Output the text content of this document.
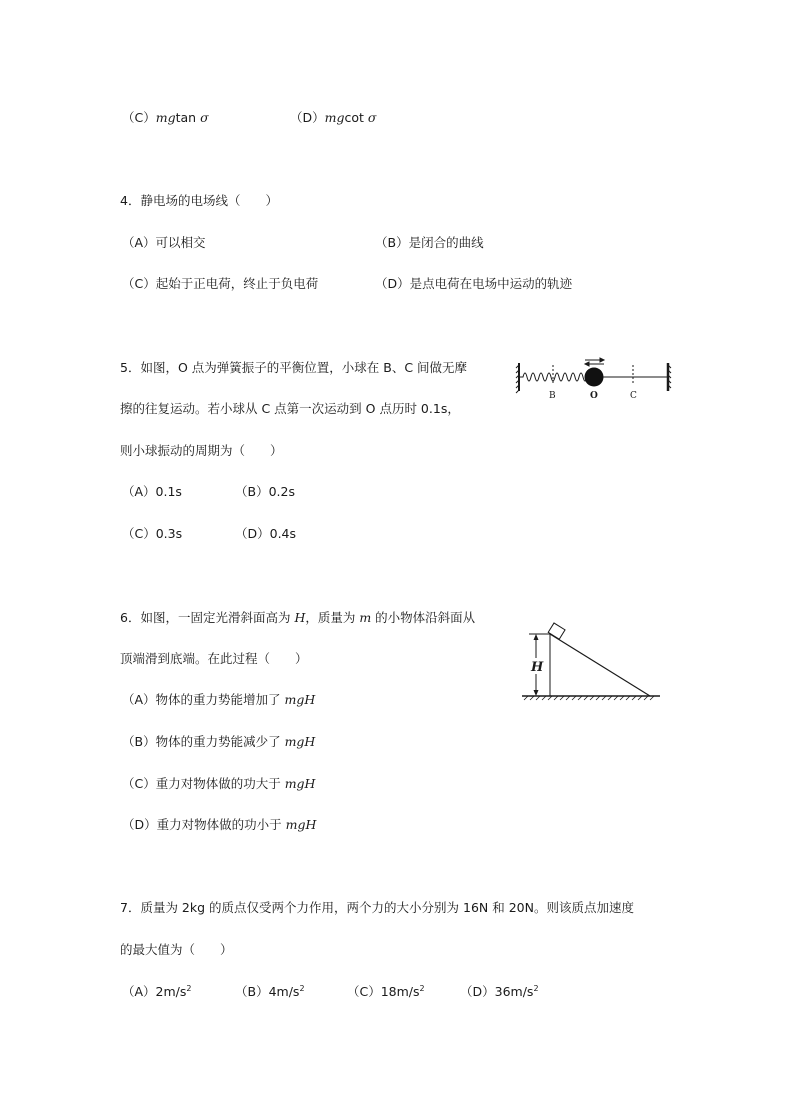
（C）mgtan σ	（D）mgcot σ
4．静电场的电场线（　　）
（A）可以相交	（B）是闭合的曲线
（C）起始于正电荷，终止于负电荷	（D）是点电荷在电场中运动的轨迹
5．如图，O 点为弹簧振子的平衡位置，小球在 B、C 间做无摩
擦的往复运动。若小球从 C 点第一次运动到 O 点历时 0.1s，
则小球振动的周期为（　　）
（A）0.1s	（B）0.2s
（C）0.3s	（D）0.4s
B	O	C
6．如图，一固定光滑斜面高为 H，质量为 m 的小物体沿斜面从
顶端滑到底端。在此过程（　　）
（A）物体的重力势能增加了 mgH
（B）物体的重力势能减少了 mgH
（C）重力对物体做的功大于 mgH
（D）重力对物体做的功小于 mgH
H
7．质量为 2kg 的质点仅受两个力作用，两个力的大小分别为 16N 和 20N。则该质点加速度
的最大值为（　　）
$(A)2m/s^2$	$(B)4m/s^2$	$(C)18m/s^2$	$(D)36m/s^2$
